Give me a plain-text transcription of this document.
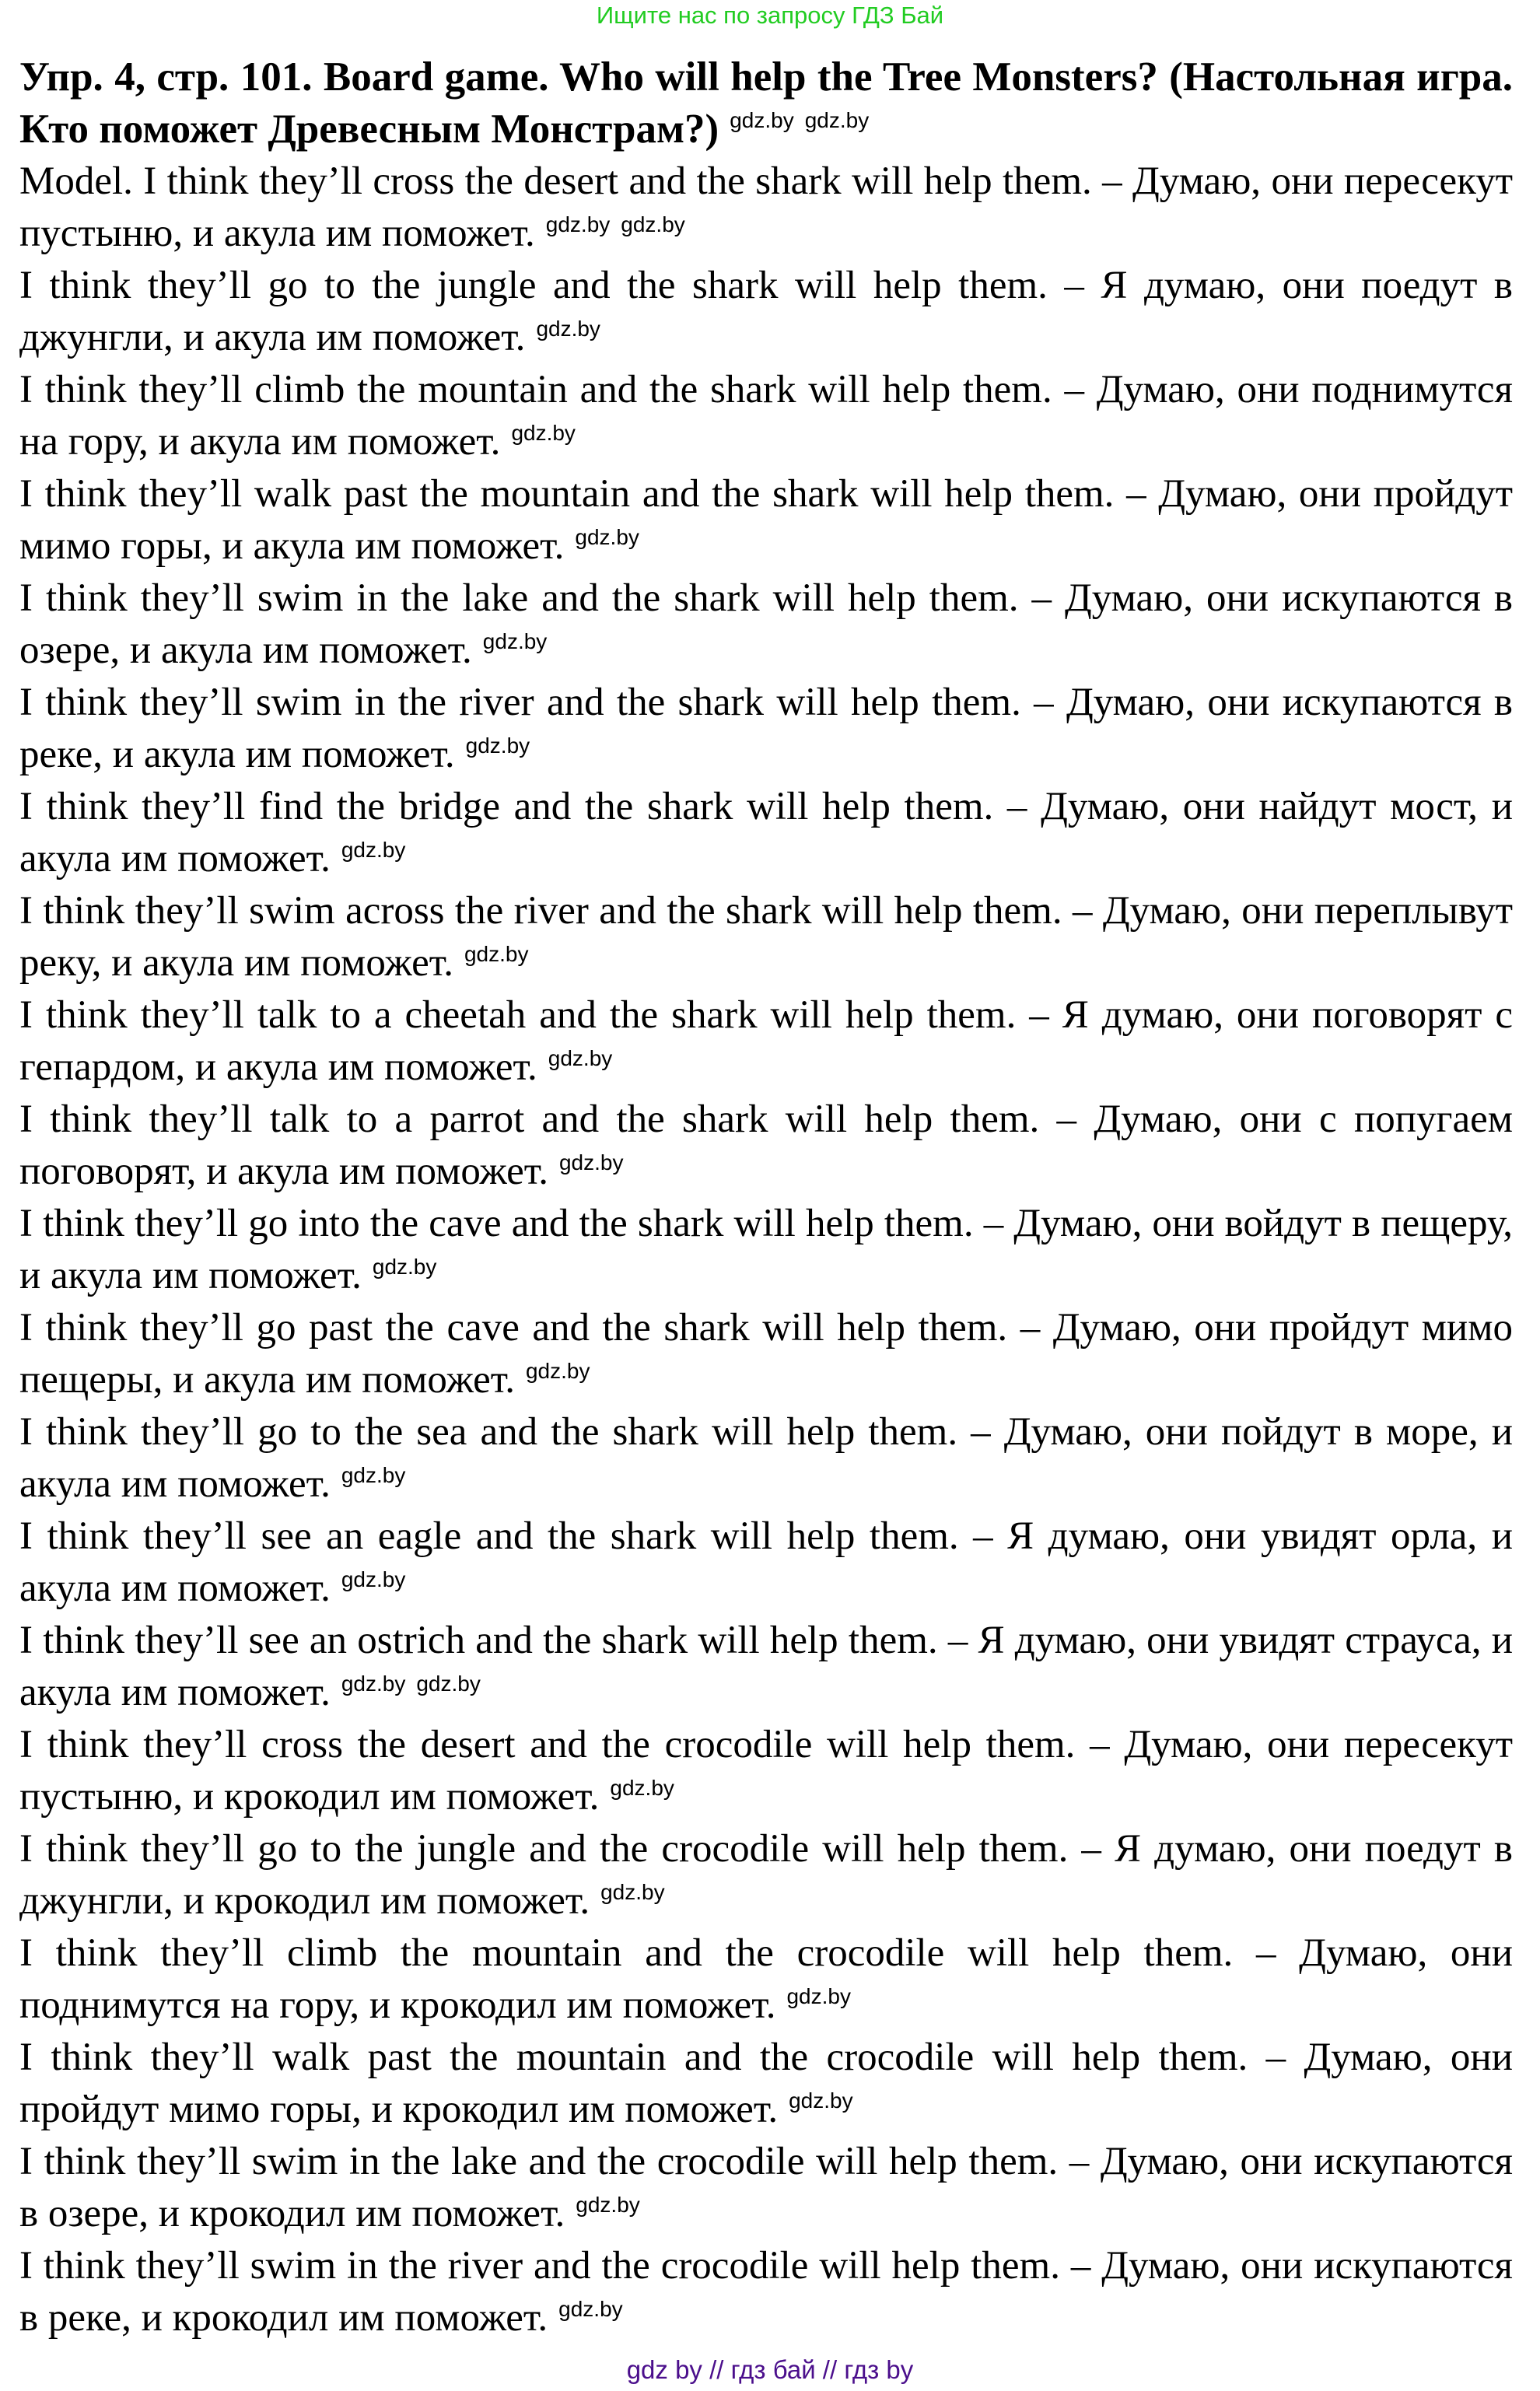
Ищите нас по запросу ГДЗ Бай

Упр. 4, стр. 101. Board game. Who will help the Tree Monsters? (Настольная игра. Кто поможет Древесным Монстрам?) $^{gdz.by}$ $^{gdz.by}$

Model. I think they’ll cross the desert and the shark will help them. – Думаю, они пересекут пустыню, и акула им поможет. $^{gdz.by}$ $^{gdz.by}$

I think they’ll go to the jungle and the shark will help them. – Я думаю, они поедут в джунгли, и акула им поможет. $^{gdz.by}$

I think they’ll climb the mountain and the shark will help them. – Думаю, они поднимутся на гору, и акула им поможет. $^{gdz.by}$

I think they’ll walk past the mountain and the shark will help them. – Думаю, они пройдут мимо горы, и акула им поможет. $^{gdz.by}$

I think they’ll swim in the lake and the shark will help them. – Думаю, они искупаются в озере, и акула им поможет. $^{gdz.by}$

I think they’ll swim in the river and the shark will help them. – Думаю, они искупаются в реке, и акула им поможет. $^{gdz.by}$

I think they’ll find the bridge and the shark will help them. – Думаю, они найдут мост, и акула им поможет. $^{gdz.by}$

I think they’ll swim across the river and the shark will help them. – Думаю, они переплывут реку, и акула им поможет. $^{gdz.by}$

I think they’ll talk to a cheetah and the shark will help them. – Я думаю, они поговорят с гепардом, и акула им поможет. $^{gdz.by}$

I think they’ll talk to a parrot and the shark will help them. – Думаю, они с попугаем поговорят, и акула им поможет. $^{gdz.by}$

I think they’ll go into the cave and the shark will help them. – Думаю, они войдут в пещеру, и акула им поможет. $^{gdz.by}$

I think they’ll go past the cave and the shark will help them. – Думаю, они пройдут мимо пещеры, и акула им поможет. $^{gdz.by}$

I think they’ll go to the sea and the shark will help them. – Думаю, они пойдут в море, и акула им поможет. $^{gdz.by}$

I think they’ll see an eagle and the shark will help them. – Я думаю, они увидят орла, и акула им поможет. $^{gdz.by}$

I think they’ll see an ostrich and the shark will help them. – Я думаю, они увидят страуса, и акула им поможет. $^{gdz.by}$ $^{gdz.by}$

I think they’ll cross the desert and the crocodile will help them. – Думаю, они пересекут пустыню, и крокодил им поможет. $^{gdz.by}$

I think they’ll go to the jungle and the crocodile will help them. – Я думаю, они поедут в джунгли, и крокодил им поможет. $^{gdz.by}$

I think they’ll climb the mountain and the crocodile will help them. – Думаю, они поднимутся на гору, и крокодил им поможет. $^{gdz.by}$

I think they’ll walk past the mountain and the crocodile will help them. – Думаю, они пройдут мимо горы, и крокодил им поможет. $^{gdz.by}$

I think they’ll swim in the lake and the crocodile will help them. – Думаю, они искупаются в озере, и крокодил им поможет. $^{gdz.by}$

I think they’ll swim in the river and the crocodile will help them. – Думаю, они искупаются в реке, и крокодил им поможет. $^{gdz.by}$

gdz by // гдз бай // гдз by
